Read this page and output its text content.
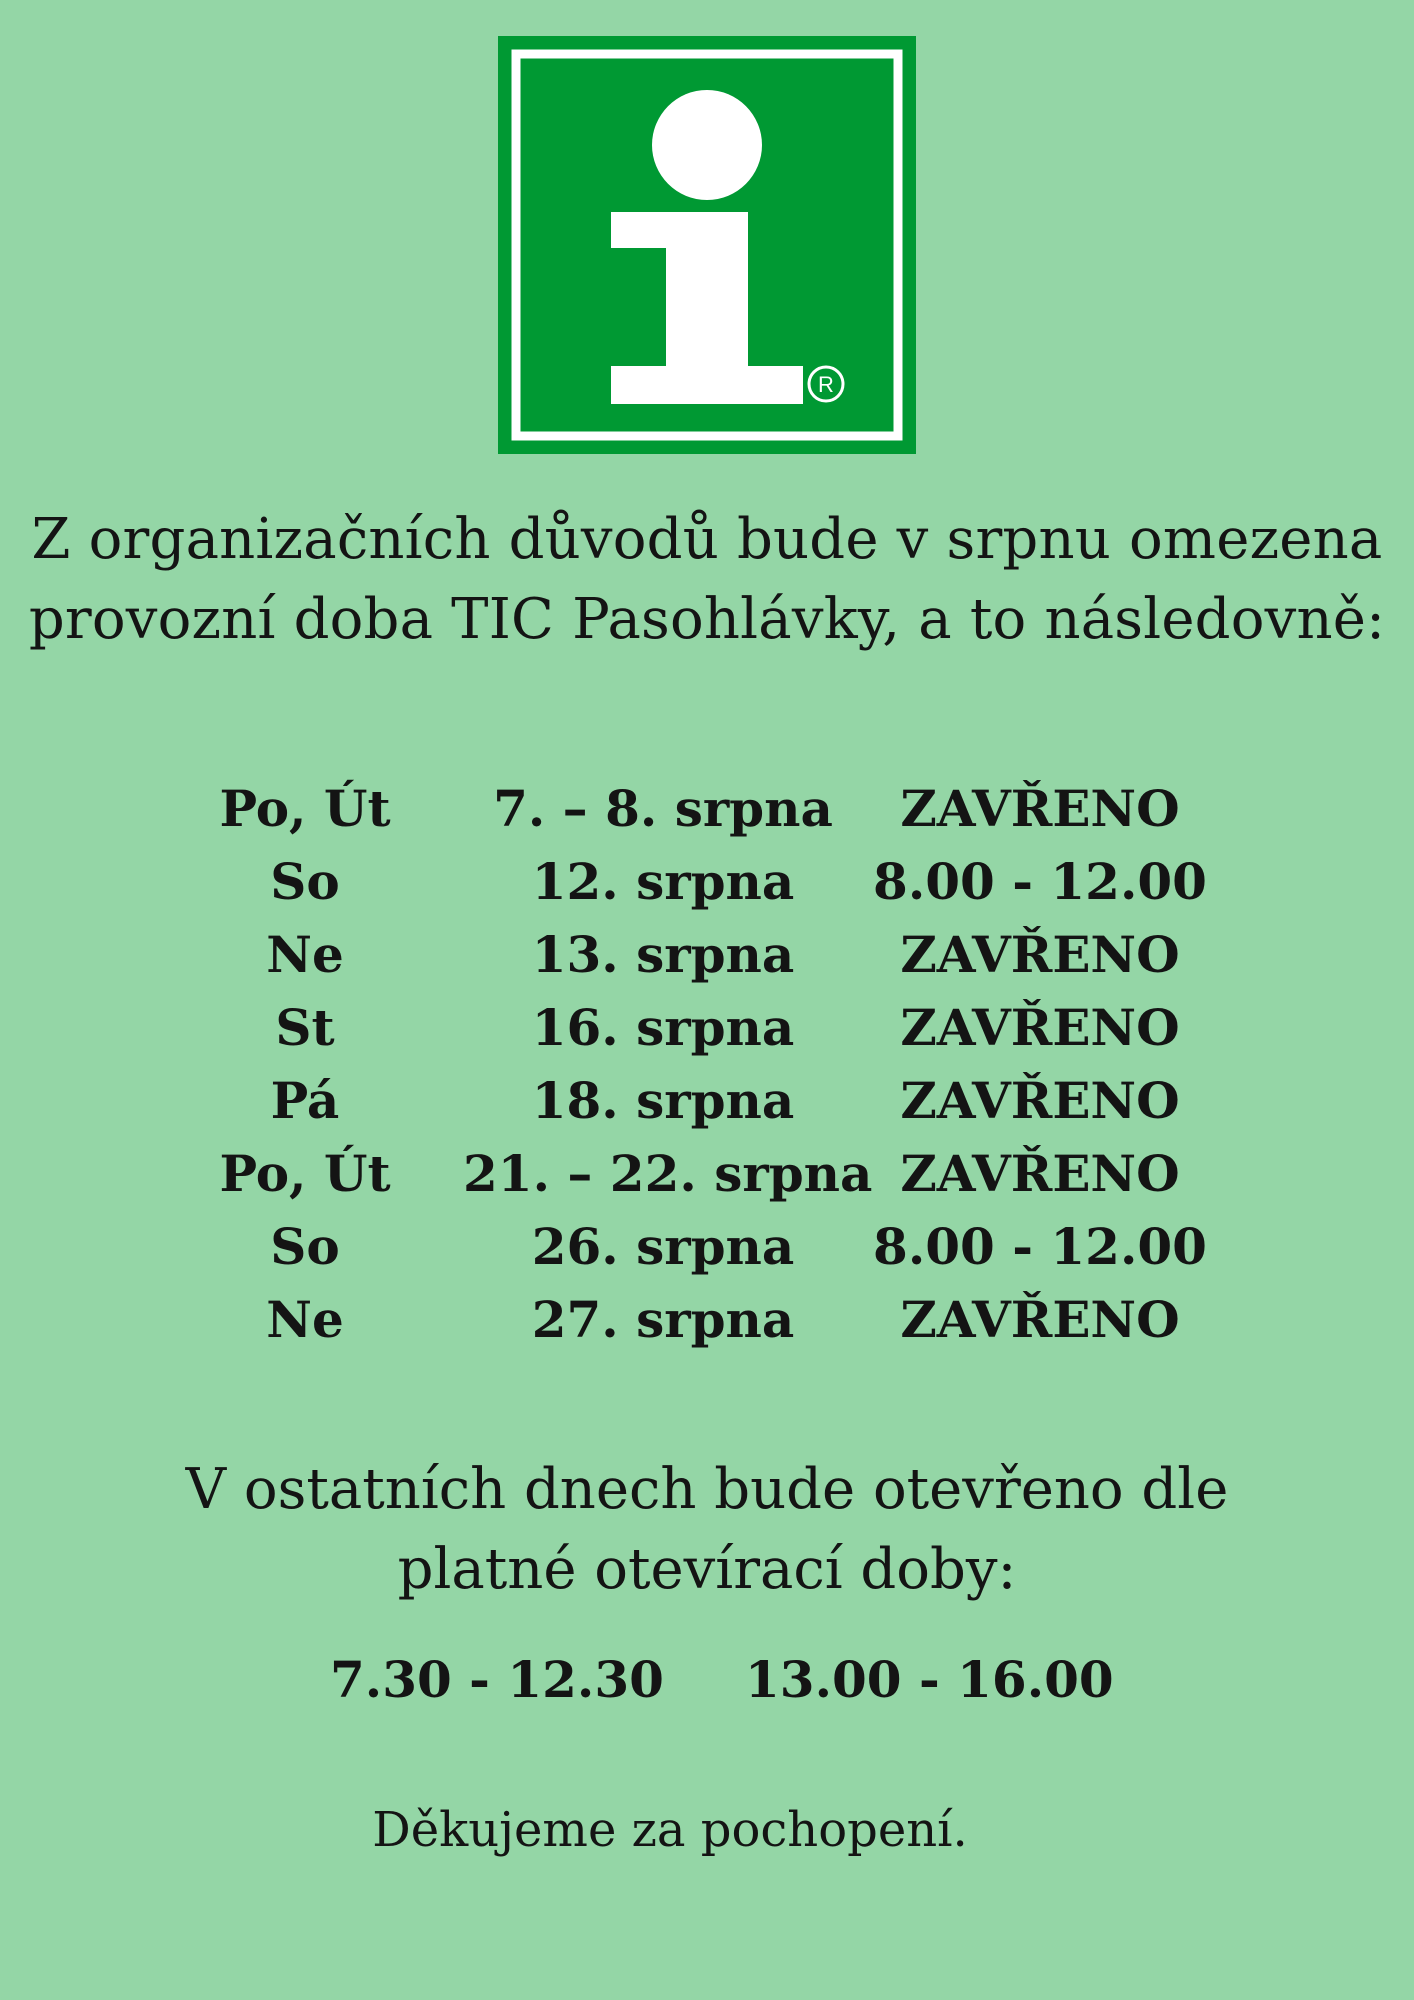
R
Z organizačních důvodů bude v srpnu omezena
provozní doba TIC Pasohlávky, a to následovně:
Po, Út	7. – 8. srpna	ZAVŘENO
So	12. srpna	8.00 - 12.00
Ne	13. srpna	ZAVŘENO
St	16. srpna	ZAVŘENO
Pá	18. srpna	ZAVŘENO
Po, Út	21. – 22. srpna ZAVŘENO
So	26. srpna	8.00 - 12.00
Ne	27. srpna	ZAVŘENO
V ostatních dnech bude otevřeno dle
platné otevírací doby:
7.30 - 12.30 13.00 - 16.00
Děkujeme za pochopení.
